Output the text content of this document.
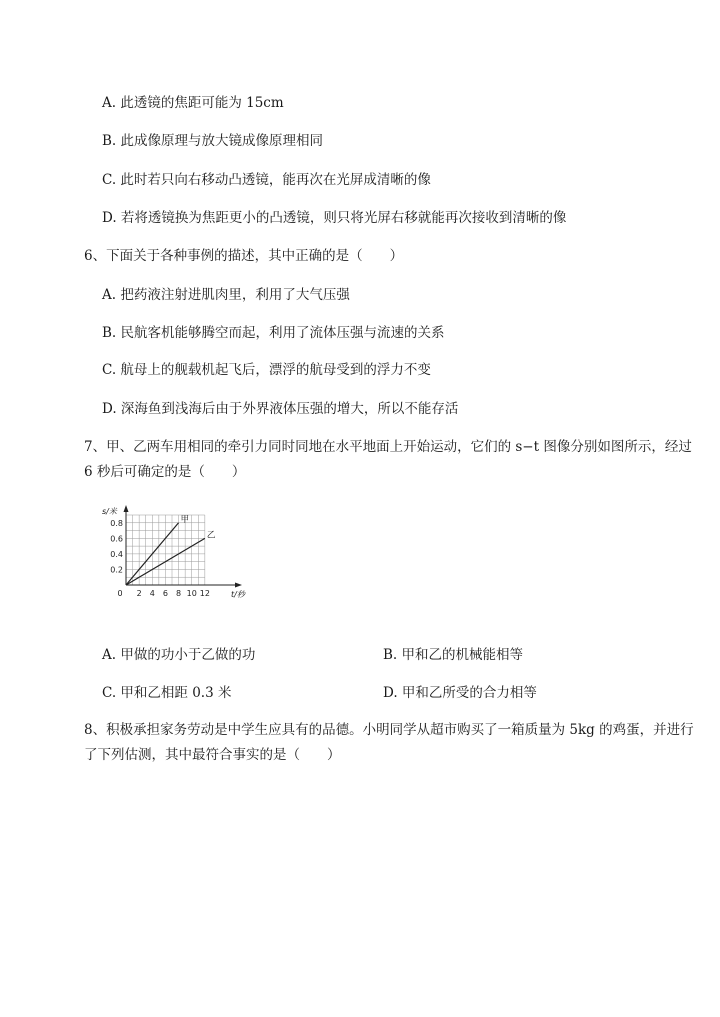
A. 此透镜的焦距可能为 15cm
B. 此成像原理与放大镜成像原理相同
C. 此时若只向右移动凸透镜，能再次在光屏成清晰的像
D. 若将透镜换为焦距更小的凸透镜，则只将光屏右移就能再次接收到清晰的像
6、下面关于各种事例的描述，其中正确的是（　　）
A. 把药液注射进肌肉里，利用了大气压强
B. 民航客机能够腾空而起，利用了流体压强与流速的关系
C. 航母上的舰载机起飞后，漂浮的航母受到的浮力不变
D. 深海鱼到浅海后由于外界液体压强的增大，所以不能存活
7、甲、乙两车用相同的牵引力同时同地在水平地面上开始运动，它们的 s−t 图像分别如图所示，经过
6 秒后可确定的是（　　）
2 4 6 8 10 12
0.2
0.4
0.6
0.8
0
s/米
t/秒
甲
乙
A. 甲做的功小于乙做的功	B. 甲和乙的机械能相等
C. 甲和乙相距 0.3 米	D. 甲和乙所受的合力相等
8、积极承担家务劳动是中学生应具有的品德。小明同学从超市购买了一箱质量为 5kg 的鸡蛋，并进行
了下列估测，其中最符合事实的是（　　）
